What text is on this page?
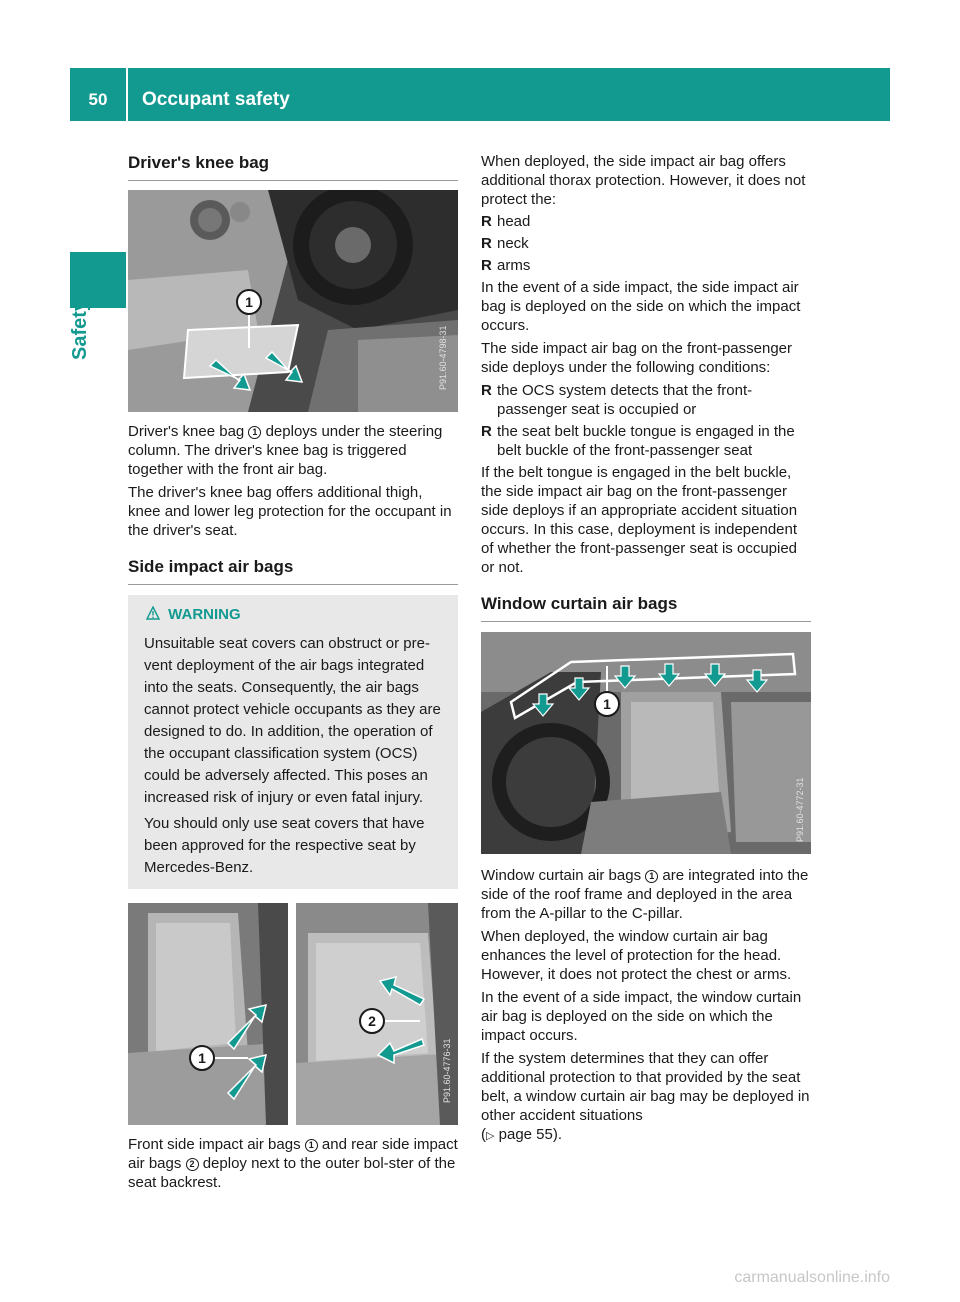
50	Occupant safety
Safety
Driver's knee bag
1
P91.60-4798-31
Driver's knee bag 1 deploys under the steering column. The driver's knee bag is triggered together with the front air bag.
The driver's knee bag offers additional thigh, knee and lower leg protection for the occupant in the driver's seat.
Side impact air bags
WARNING
Unsuitable seat covers can obstruct or pre-vent deployment of the air bags integrated into the seats. Consequently, the air bags cannot protect vehicle occupants as they are designed to do. In addition, the operation of the occupant classification system (OCS) could be adversely affected. This poses an increased risk of injury or even fatal injury.
You should only use seat covers that have been approved for the respective seat by Mercedes-Benz.
1
2
P91.60-4776-31
Front side impact air bags 1 and rear side impact air bags 2 deploy next to the outer bol-ster of the seat backrest.
When deployed, the side impact air bag offers additional thorax protection. However, it does not protect the:
R head
R neck
R arms
In the event of a side impact, the side impact air bag is deployed on the side on which the impact occurs.
The side impact air bag on the front-passenger side deploys under the following conditions:
R the OCS system detects that the front-passenger seat is occupied or
R the seat belt buckle tongue is engaged in the belt buckle of the front-passenger seat
If the belt tongue is engaged in the belt buckle, the side impact air bag on the front-passenger side deploys if an appropriate accident situation occurs. In this case, deployment is independent of whether the front-passenger seat is occupied or not.
Window curtain air bags
1
P91.60-4772-31
Window curtain air bags 1 are integrated into the side of the roof frame and deployed in the area from the A-pillar to the C-pillar.
When deployed, the window curtain air bag enhances the level of protection for the head. However, it does not protect the chest or arms.
In the event of a side impact, the window curtain air bag is deployed on the side on which the impact occurs.
If the system determines that they can offer additional protection to that provided by the seat belt, a window curtain air bag may be deployed in other accident situations
(▷ page 55).
carmanualsonline.info
